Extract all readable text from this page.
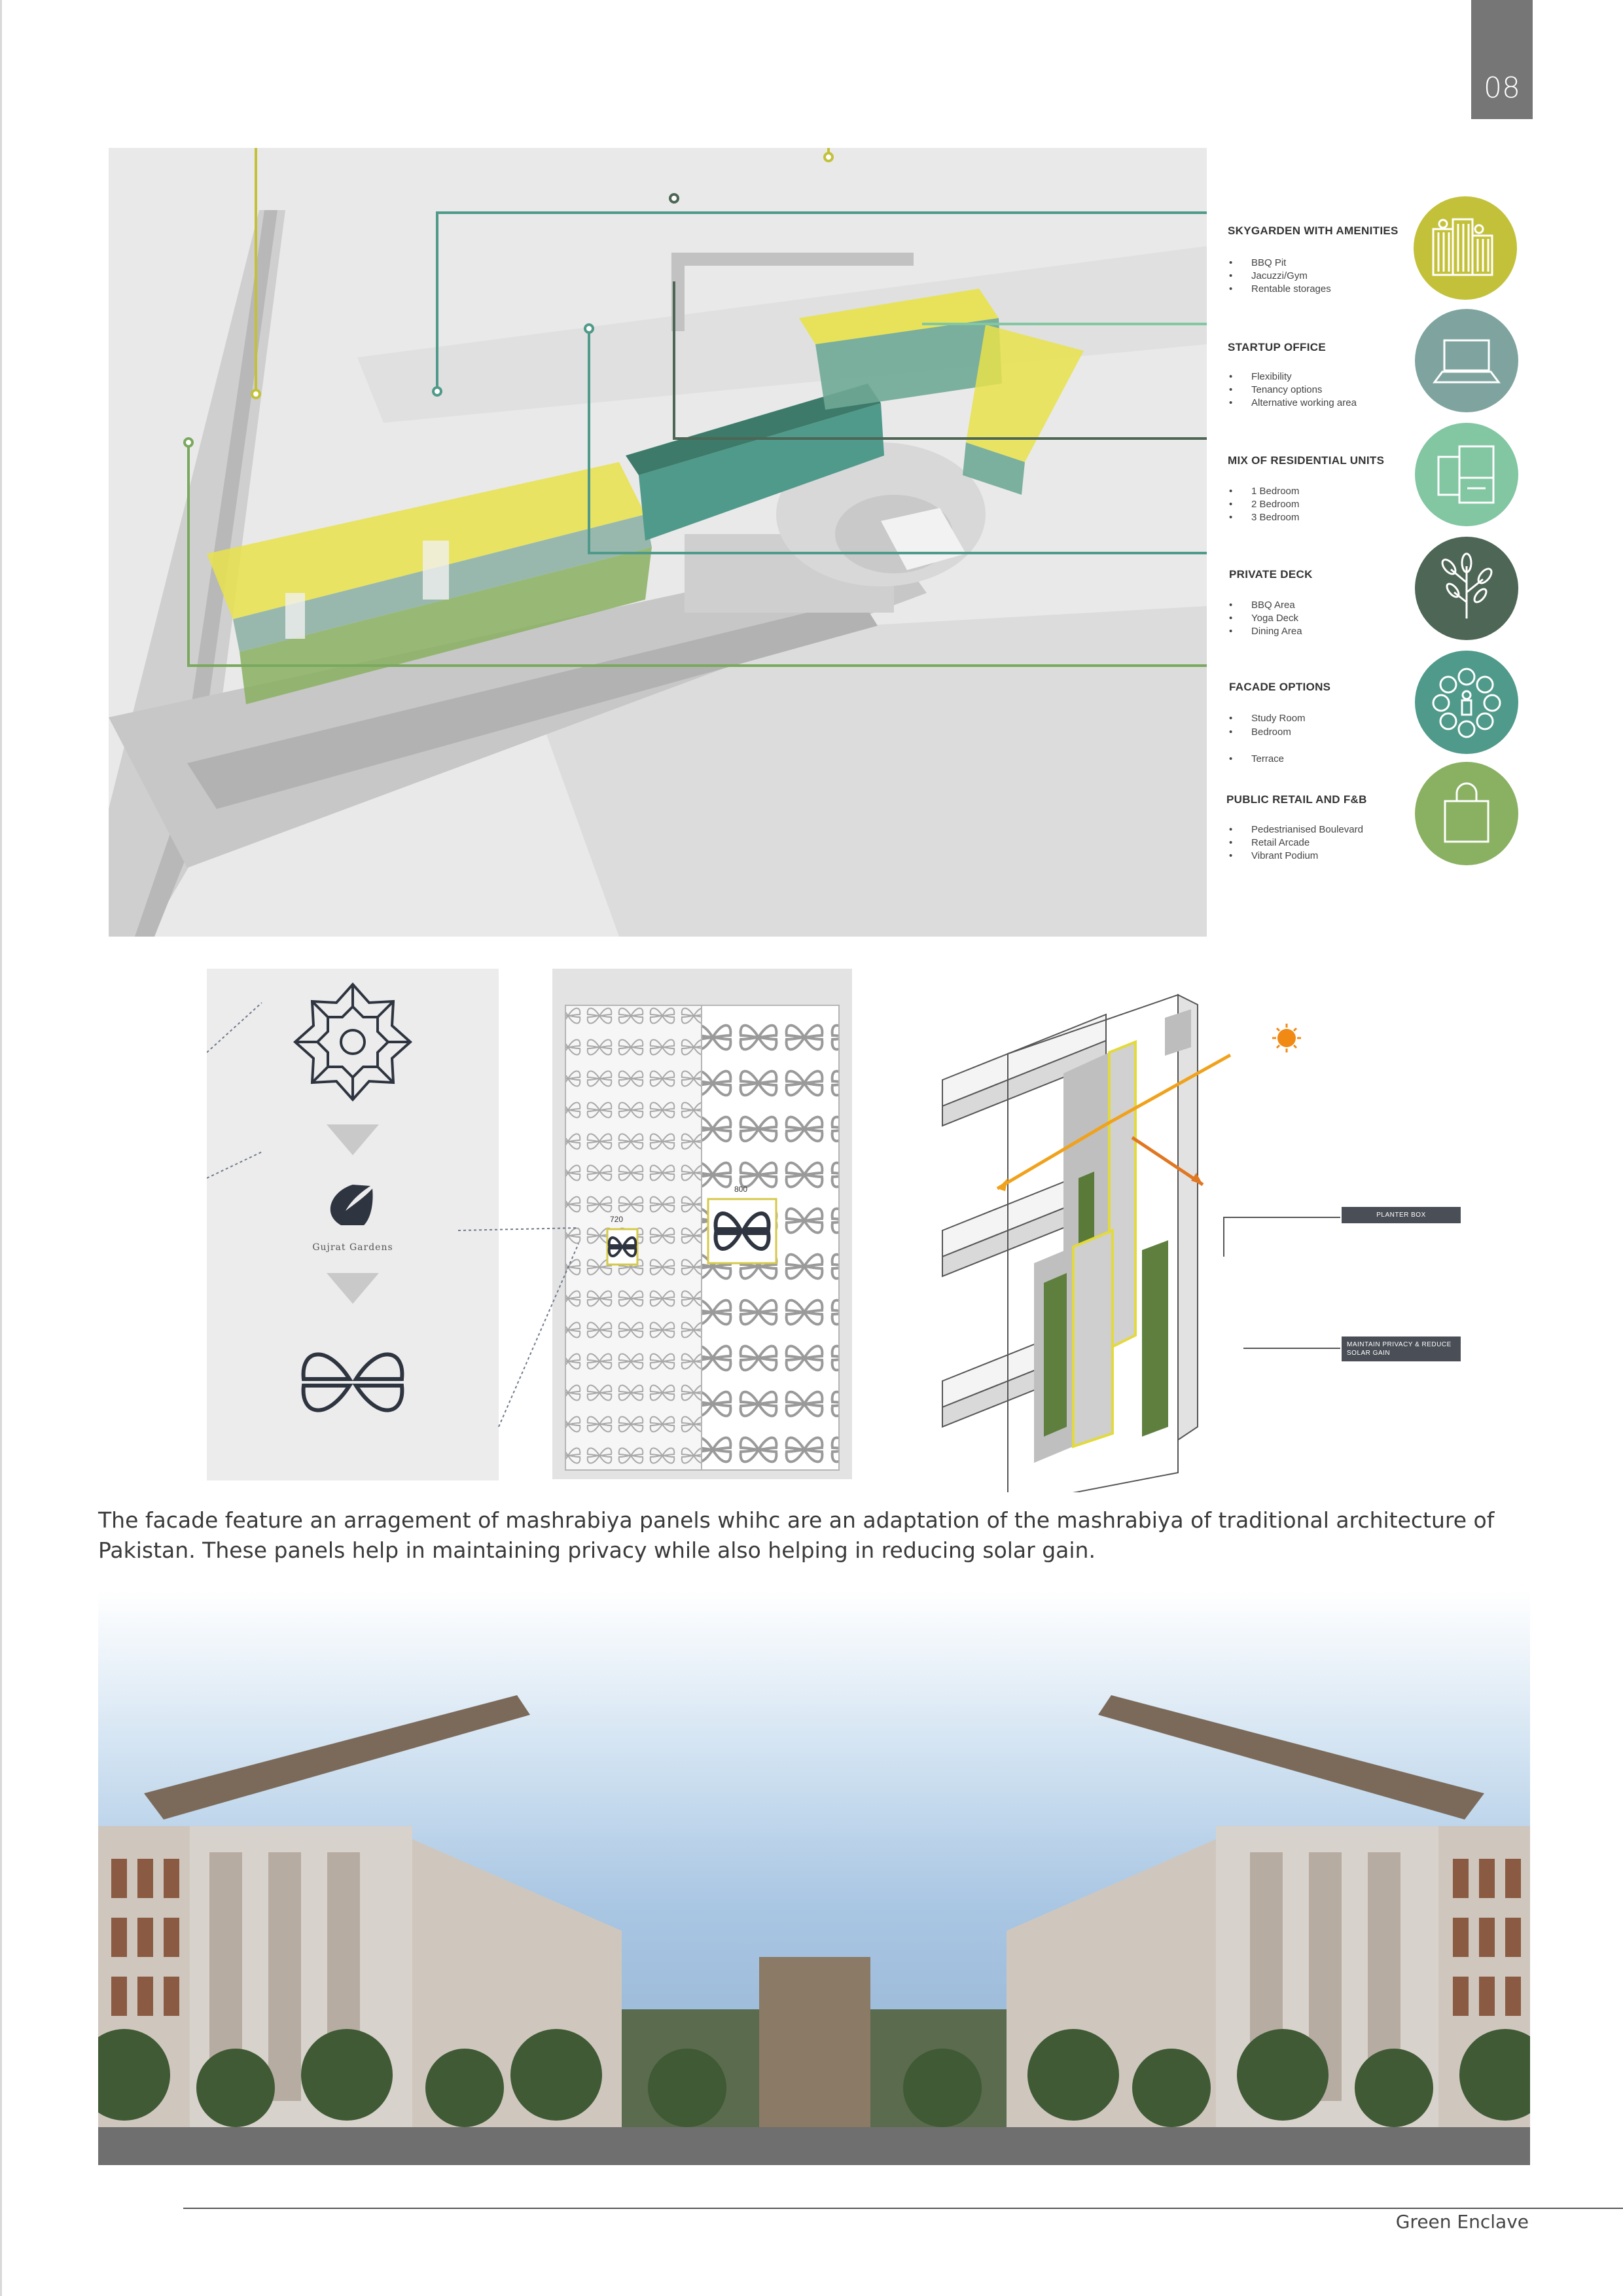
08
SKYGARDEN WITH AMENITIES
• BBQ Pit
• Jacuzzi/Gym
• Rentable storages
STARTUP OFFICE
• Flexibility
• Tenancy options
• Alternative working area
MIX OF RESIDENTIAL UNITS
• 1 Bedroom
• 2 Bedroom
• 3 Bedroom
PRIVATE DECK
• BBQ Area
• Yoga Deck
• Dining Area
FACADE OPTIONS
• Study Room
• Bedroom
• Terrace
PUBLIC RETAIL AND F&B
• Pedestrianised Boulevard
• Retail Arcade
• Vibrant Podium
Gujrat Gardens
720
800
PLANTER BOX
MAINTAIN PRIVACY & REDUCE SOLAR GAIN

The facade feature an arragement of mashrabiya panels whihc are an adaptation of the mashrabiya of traditional architecture of Pakistan. These panels help in maintaining privacy while also helping in reducing solar gain.

Green Enclave
